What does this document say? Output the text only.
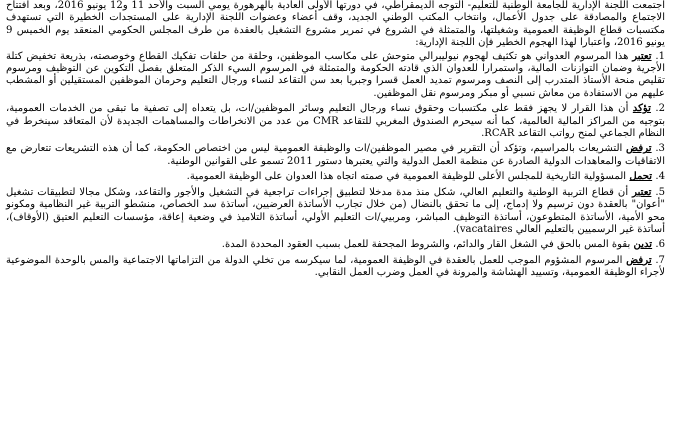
اجتمعت اللجنة الإدارية للجامعة الوطنية للتعليم- التوجه الديمقراطي، في دورتها الأولى العادية بالهرهورة يومي السبت والأحد 11 و12 يونيو 2016، وبعد افتتاح الاجتماع والمصادقة على جدول الأعمال، وانتخاب المكتب الوطني الجديد، وقف أعضاء وعضوات اللجنة الإدارية على المستجدات الخطيرة التي تستهدف مكتسبات قطاع الوظيفة العمومية وشغيلتها، والمتمثلة في الشروع في تمرير مشروع التشغيل بالعقدة من طرف المجلس الحكومي المنعقد يوم الخميس 9 يونيو 2016، واعتبارا لهذا الهجوم الخطير فإن اللجنة الإدارية:

1. تعتبر هذا المرسوم العدواني هو تكثيف لهجوم نيوليبرالي متوحش على مكاسب الموظفين، وحلقة من حلقات تفكيك القطاع وخوصصته، بذريعة تخفيض كتلة الأجرية وضمان التوازنات المالية، واستمرارا للعدوان الذي قادته الحكومة والمتمثلة في المرسوم السيء الذكر المتعلق بفصل التكوين عن التوظيف ومرسوم تقليص منحة الأستاذ المتدرب إلى النصف ومرسوم تمديد العمل قسرا وجبريا بعد سن التقاعد لنساء ورجال التعليم وحرمان الموظفين المستقيلين أو المشطب عليهم من الاستفادة من معاش نسبي أو مبكر ومرسوم نقل الموظفين.

2. تؤكد أن هذا القرار لا يجهز فقط على مكتسبات وحقوق نساء ورجال التعليم وسائر الموظفين/ات، بل يتعداه إلى تصفية ما تبقى من الخدمات العمومية، بتوجيه من المراكز المالية العالمية، كما أنه سيحرم الصندوق المغربي للتقاعد CMR من عدد من الانخراطات والمساهمات الجديدة لأن المتعاقد سينخرط في النظام الجماعي لمنح رواتب التقاعد RCAR.

3. ترفض التشريعات بالمراسيم، وتؤكد أن التقرير في مصير الموظفين/ات والوظيفة العمومية ليس من اختصاص الحكومة، كما أن هذه التشريعات تتعارض مع الاتفاقيات والمعاهدات الدولية الصادرة عن منظمة العمل الدولية والتي يعتبرها دستور 2011 تسمو على القوانين الوطنية.

4. تحمل المسؤولية التاريخية للمجلس الأعلى للوظيفة العمومية في صمته اتجاه هذا العدوان على الوظيفة العمومية.

5. تعتبر أن قطاع التربية الوطنية والتعليم العالي، شكل منذ مدة مدخلا لتطبيق إجراءات تراجعية في التشغيل والأجور والتقاعد، وشكل مجالا لتطبيقات تشغيل "أعوان" بالعقدة دون ترسيم ولا إدماج، إلى ما تحقق بالنضال (من خلال تجارب الأساتذة العرضيين، أساتذة سد الخصاص، منشطو التربية غير النظامية ومكونو محو الأمية، الأساتذة المتطوعون، أساتذة التوظيف المباشر، ومربيي/ات التعليم الأولي، أساتذة التلاميذ في وضعية إعاقة، مؤسسات التعليم العتيق (الأوقاف)، أساتذة غير الرسميين بالتعليم العالي vacataires).

6. تدين بقوة المس بالحق في الشغل القار والدائم، والشروط المجحفة للعمل بسبب العقود المحددة المدة.

7. ترفض المرسوم المشؤوم الموجب للعمل بالعقدة في الوظيفة العمومية، لما سيكرسه من تخلي الدولة من التزاماتها الاجتماعية والمس بالوحدة الموضوعية لأجراء الوظيفة العمومية، وتسييد الهشاشة والمرونة في العمل وضرب العمل النقابي.
